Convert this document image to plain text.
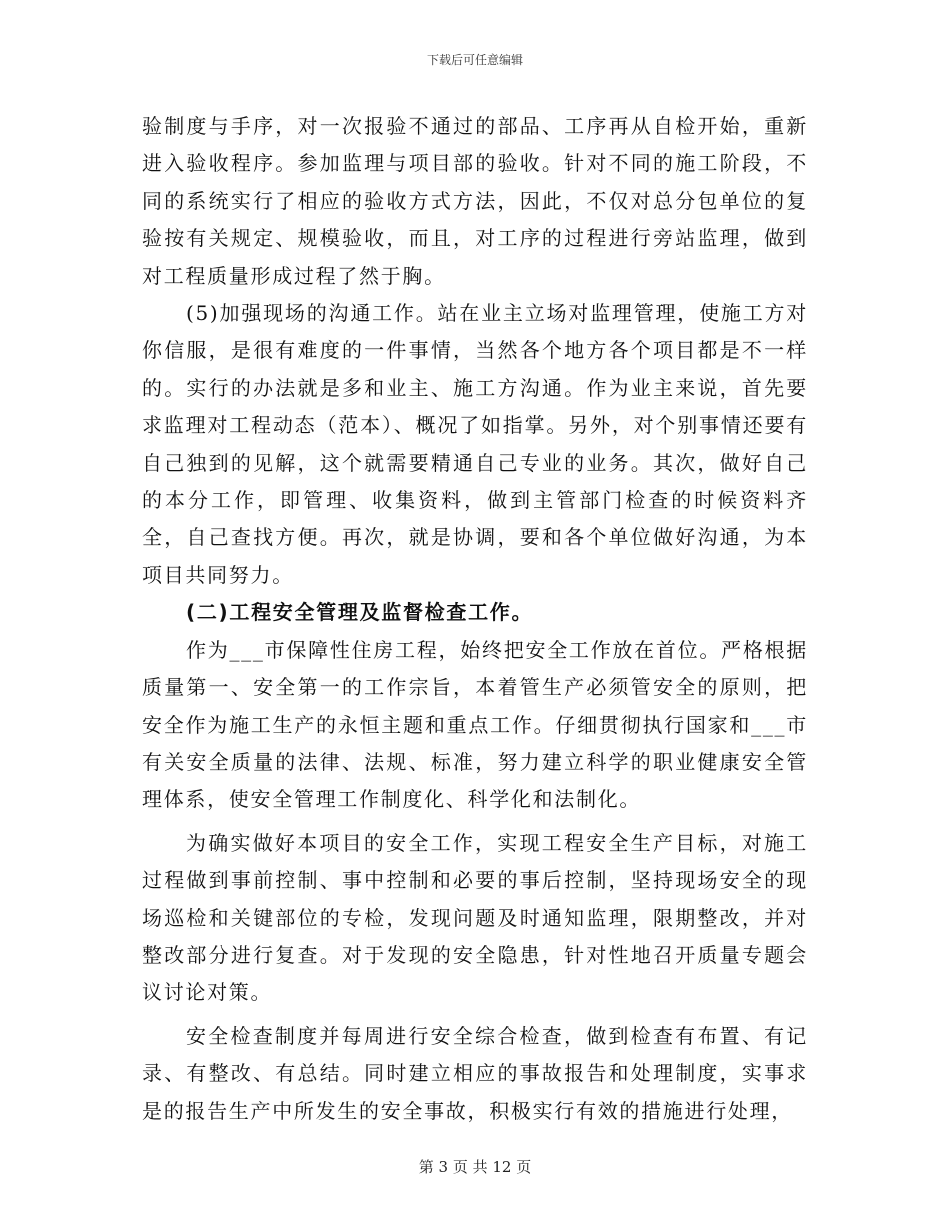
下载后可任意编辑

验制度与手序，对一次报验不通过的部品、工序再从自检开始，重新进入验收程序。参加监理与项目部的验收。针对不同的施工阶段，不同的系统实行了相应的验收方式方法，因此，不仅对总分包单位的复验按有关规定、规模验收，而且，对工序的过程进行旁站监理，做到对工程质量形成过程了然于胸。

(5)加强现场的沟通工作。站在业主立场对监理管理，使施工方对你信服，是很有难度的一件事情，当然各个地方各个项目都是不一样的。实行的办法就是多和业主、施工方沟通。作为业主来说，首先要求监理对工程动态（范本）、概况了如指掌。另外，对个别事情还要有自己独到的见解，这个就需要精通自己专业的业务。其次，做好自己的本分工作，即管理、收集资料，做到主管部门检查的时候资料齐全，自己查找方便。再次，就是协调，要和各个单位做好沟通，为本项目共同努力。

(二)工程安全管理及监督检查工作。

作为___市保障性住房工程，始终把安全工作放在首位。严格根据质量第一、安全第一的工作宗旨，本着管生产必须管安全的原则，把安全作为施工生产的永恒主题和重点工作。仔细贯彻执行国家和___市有关安全质量的法律、法规、标准，努力建立科学的职业健康安全管理体系，使安全管理工作制度化、科学化和法制化。

为确实做好本项目的安全工作，实现工程安全生产目标，对施工过程做到事前控制、事中控制和必要的事后控制，坚持现场安全的现场巡检和关键部位的专检，发现问题及时通知监理，限期整改，并对整改部分进行复查。对于发现的安全隐患，针对性地召开质量专题会议讨论对策。

安全检查制度并每周进行安全综合检查，做到检查有布置、有记录、有整改、有总结。同时建立相应的事故报告和处理制度，实事求是的报告生产中所发生的安全事故，积极实行有效的措施进行处理，

第 3 页 共 12 页
